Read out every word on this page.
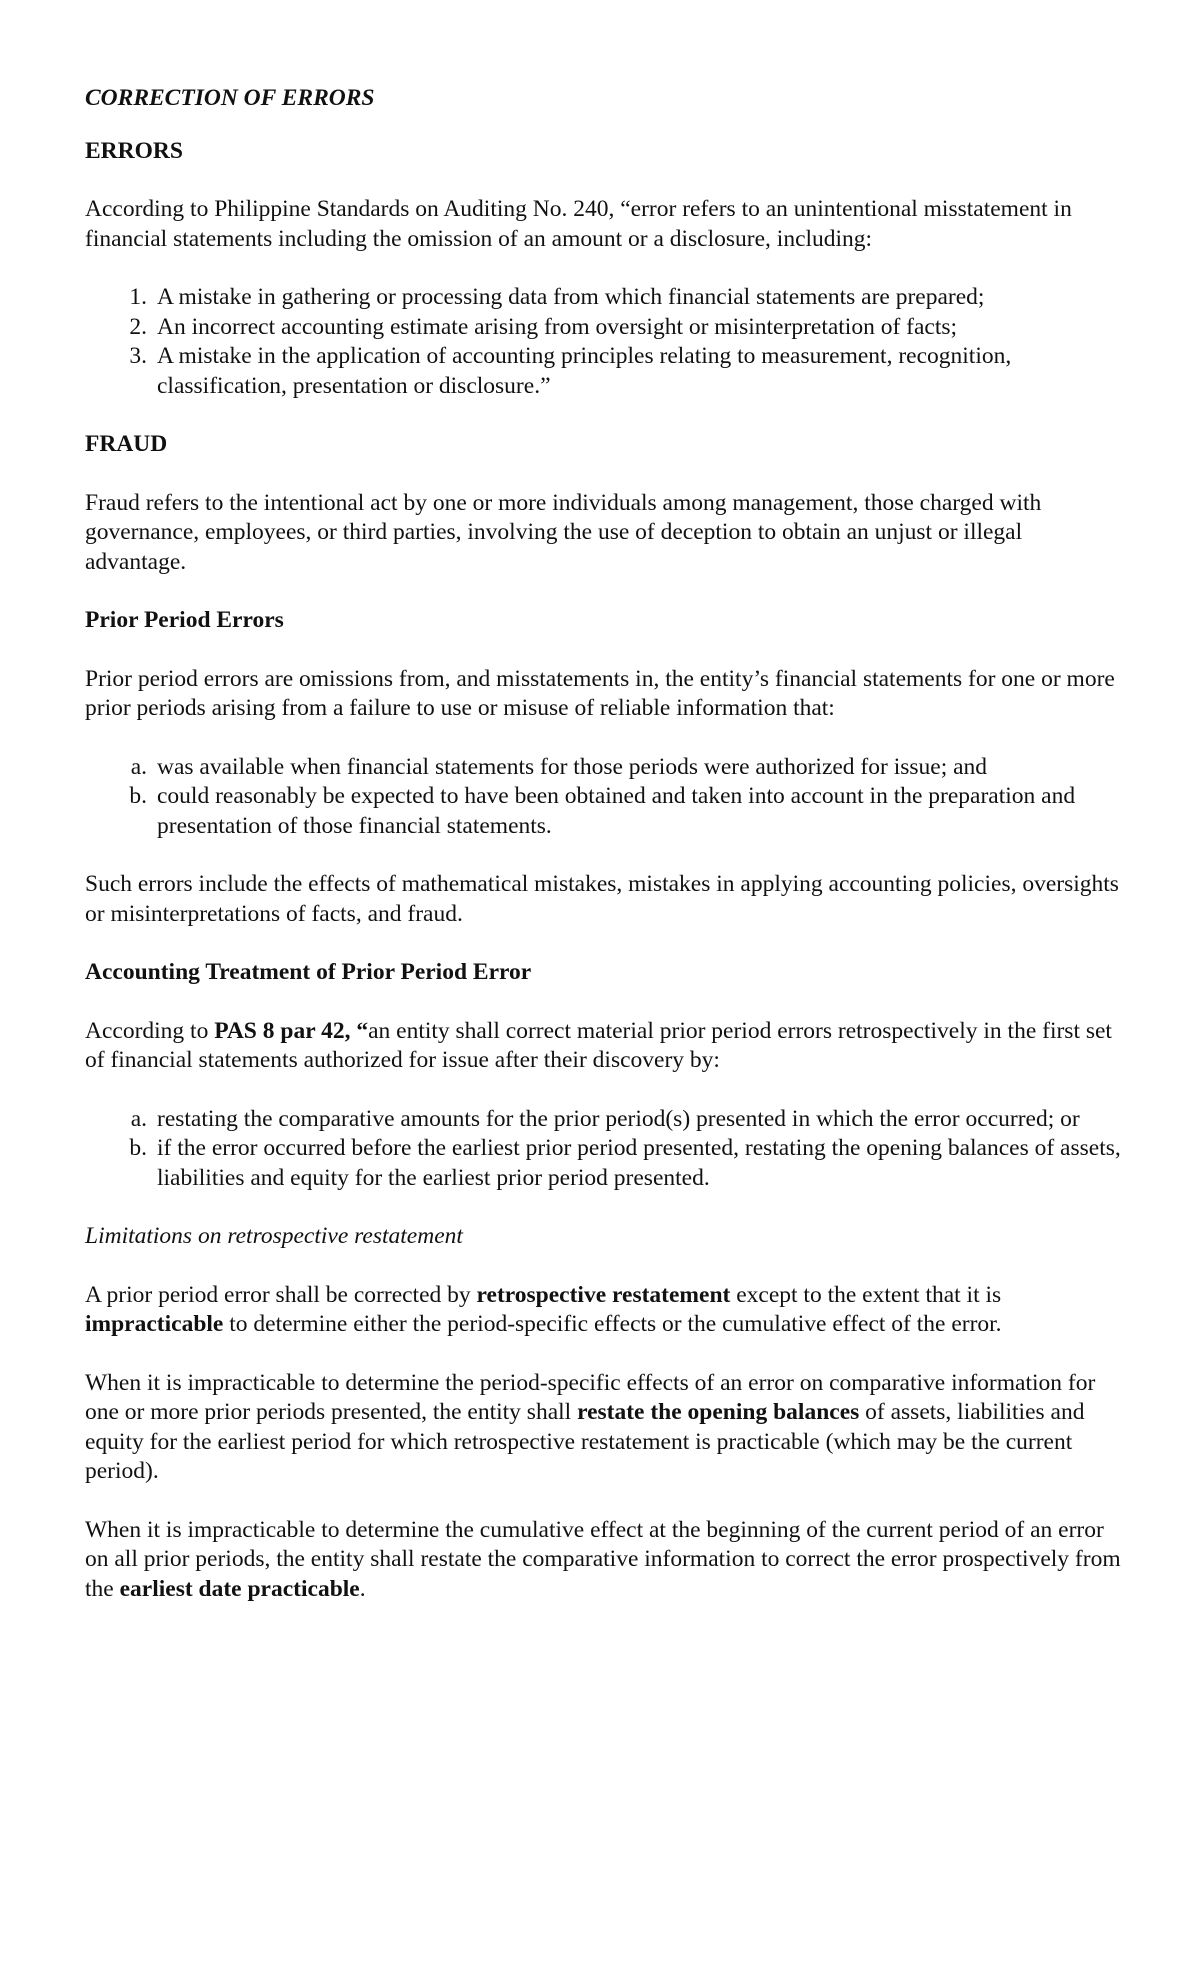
CORRECTION OF ERRORS
ERRORS

According to Philippine Standards on Auditing No. 240, “error refers to an unintentional misstatement in financial statements including the omission of an amount or a disclosure, including:

1. A mistake in gathering or processing data from which financial statements are prepared;
2. An incorrect accounting estimate arising from oversight or misinterpretation of facts;
3. A mistake in the application of accounting principles relating to measurement, recognition, classification, presentation or disclosure.”
FRAUD

Fraud refers to the intentional act by one or more individuals among management, those charged with governance, employees, or third parties, involving the use of deception to obtain an unjust or illegal advantage.

Prior Period Errors

Prior period errors are omissions from, and misstatements in, the entity’s financial statements for one or more prior periods arising from a failure to use or misuse of reliable information that:

a. was available when financial statements for those periods were authorized for issue; and
b. could reasonably be expected to have been obtained and taken into account in the preparation and presentation of those financial statements.

Such errors include the effects of mathematical mistakes, mistakes in applying accounting policies, oversights or misinterpretations of facts, and fraud.

Accounting Treatment of Prior Period Error

According to PAS 8 par 42, “an entity shall correct material prior period errors retrospectively in the first set of financial statements authorized for issue after their discovery by:

a. restating the comparative amounts for the prior period(s) presented in which the error occurred; or
b. if the error occurred before the earliest prior period presented, restating the opening balances of assets, liabilities and equity for the earliest prior period presented.
Limitations on retrospective restatement

A prior period error shall be corrected by retrospective restatement except to the extent that it is impracticable to determine either the period-specific effects or the cumulative effect of the error.

When it is impracticable to determine the period-specific effects of an error on comparative information for one or more prior periods presented, the entity shall restate the opening balances of assets, liabilities and equity for the earliest period for which retrospective restatement is practicable (which may be the current period).

When it is impracticable to determine the cumulative effect at the beginning of the current period of an error on all prior periods, the entity shall restate the comparative information to correct the error prospectively from the earliest date practicable.
